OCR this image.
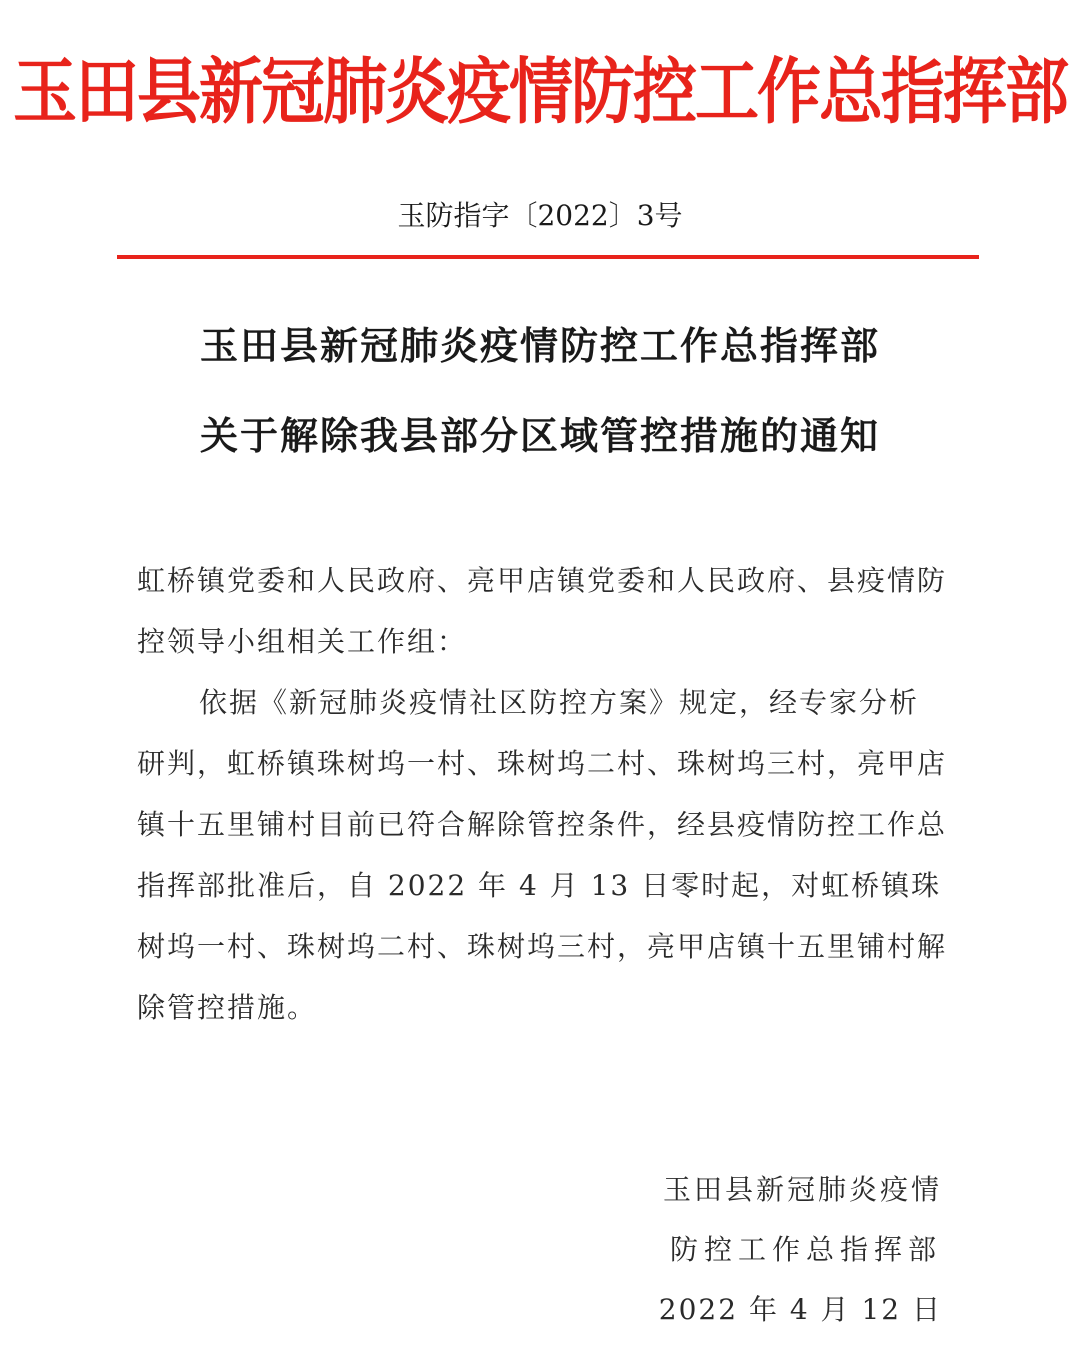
玉田县新冠肺炎疫情防控工作总指挥部
玉防指字〔2022〕3号
玉田县新冠肺炎疫情防控工作总指挥部
关于解除我县部分区域管控措施的通知
虹桥镇党委和人民政府、亮甲店镇党委和人民政府、县疫情防控领导小组相关工作组：
依据《新冠肺炎疫情社区防控方案》规定，经专家分析研判，虹桥镇珠树坞一村、珠树坞二村、珠树坞三村，亮甲店镇十五里铺村目前已符合解除管控条件，经县疫情防控工作总指挥部批准后，自 2022 年 4 月 13 日零时起，对虹桥镇珠树坞一村、珠树坞二村、珠树坞三村，亮甲店镇十五里铺村解除管控措施。
玉田县新冠肺炎疫情
防控工作总指挥部
2022 年 4 月 12 日
